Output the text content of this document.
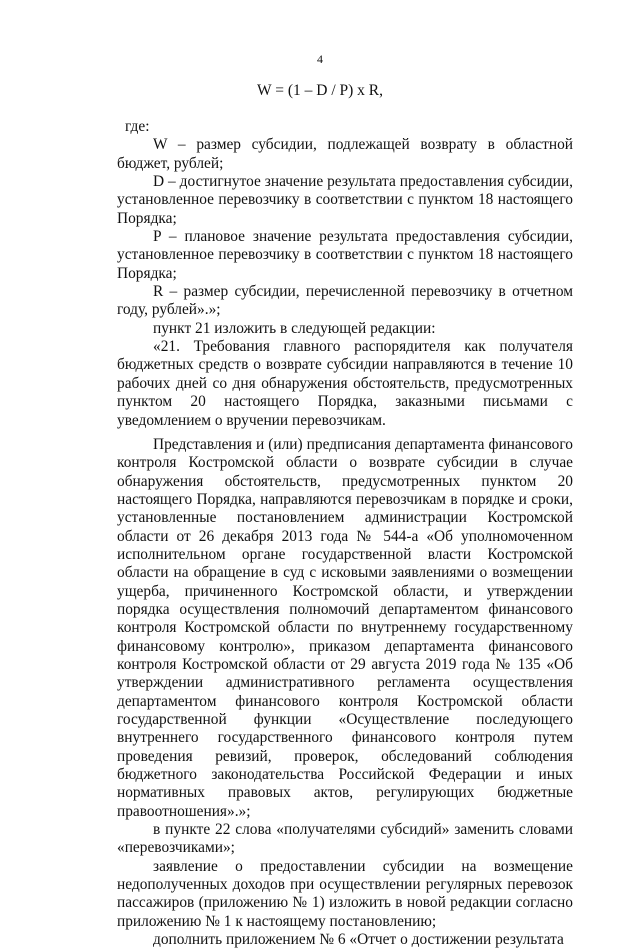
4
W = (1 – D / P) x R,

где:

W – размер субсидии, подлежащей возврату в областной бюджет, рублей;

D – достигнутое значение результата предоставления субсидии, установленное перевозчику в соответствии с пунктом 18 настоящего Порядка;

P – плановое значение результата предоставления субсидии, установленное перевозчику в соответствии с пунктом 18 настоящего Порядка;

R – размер субсидии, перечисленной перевозчику в отчетном году, рублей».»;

пункт 21 изложить в следующей редакции:

«21. Требования главного распорядителя как получателя бюджетных средств о возврате субсидии направляются в течение 10 рабочих дней со дня обнаружения обстоятельств, предусмотренных пунктом 20 настоящего Порядка, заказными письмами с уведомлением о вручении перевозчикам.

Представления и (или) предписания департамента финансового контроля Костромской области о возврате субсидии в случае обнаружения обстоятельств, предусмотренных пунктом 20 настоящего Порядка, направляются перевозчикам в порядке и сроки, установленные постановлением администрации Костромской области от 26 декабря 2013 года № 544-а «Об уполномоченном исполнительном органе государственной власти Костромской области на обращение в суд с исковыми заявлениями о возмещении ущерба, причиненного Костромской области, и утверждении порядка осуществления полномочий департаментом финансового контроля Костромской области по внутреннему государственному финансовому контролю», приказом департамента финансового контроля Костромской области от 29 августа 2019 года № 135 «Об утверждении административного регламента осуществления департаментом финансового контроля Костромской области государственной функции «Осуществление последующего внутреннего государственного финансового контроля путем проведения ревизий, проверок, обследований соблюдения бюджетного законодательства Российской Федерации и иных нормативных правовых актов, регулирующих бюджетные правоотношения».»;

в пункте 22 слова «получателями субсидий» заменить словами «перевозчиками»;

заявление о предоставлении субсидии на возмещение недополученных доходов при осуществлении регулярных перевозок пассажиров (приложению № 1) изложить в новой редакции согласно приложению № 1 к настоящему постановлению;

дополнить приложением № 6 «Отчет о достижении результата
